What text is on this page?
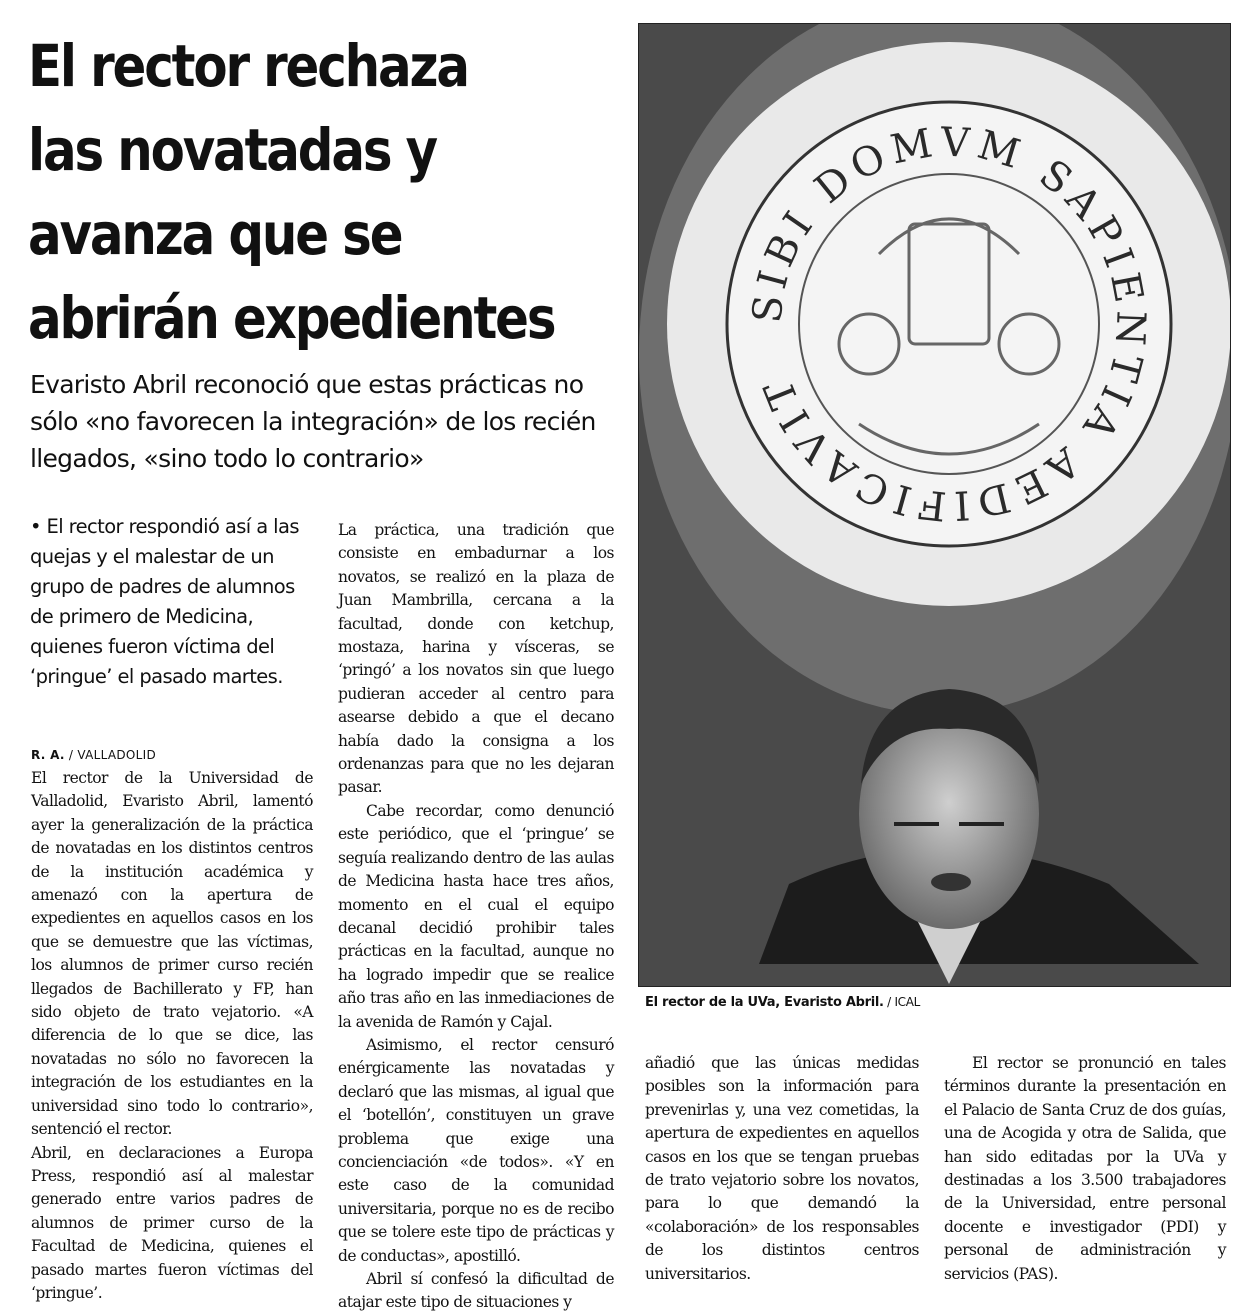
El rector rechaza
las novatadas y
avanza que se
abrirán expedientes

Evaristo Abril reconoció que estas prácticas no sólo «no favorecen la integración» de los recién llegados, «sino todo lo contrario»

• El rector respondió así a las quejas y el malestar de un grupo de padres de alumnos de primero de Medicina, quienes fueron víctima del ‘pringue’ el pasado martes.

R. A. / VALLADOLID

El rector de la Universidad de Valladolid, Evaristo Abril, lamentó ayer la generalización de la práctica de novatadas en los distintos centros de la institución académica y amenazó con la apertura de expedientes en aquellos casos en los que se demuestre que las víctimas, los alumnos de primer curso recién llegados de Bachillerato y FP, han sido objeto de trato vejatorio. «A diferencia de lo que se dice, las novatadas no sólo no favorecen la integración de los estudiantes en la universidad sino todo lo contrario», sentenció el rector.

Abril, en declaraciones a Europa Press, respondió así al malestar generado entre varios padres de alumnos de primer curso de la Facultad de Medicina, quienes el pasado martes fueron víctimas del ‘pringue’.

La práctica, una tradición que consiste en embadurnar a los novatos, se realizó en la plaza de Juan Mambrilla, cercana a la facultad, donde con ketchup, mostaza, harina y vísceras, se ‘pringó’ a los novatos sin que luego pudieran acceder al centro para asearse debido a que el decano había dado la consigna a los ordenanzas para que no les dejaran pasar.

Cabe recordar, como denunció este periódico, que el ‘pringue’ se seguía realizando dentro de las aulas de Medicina hasta hace tres años, momento en el cual el equipo decanal decidió prohibir tales prácticas en la facultad, aunque no ha logrado impedir que se realice año tras año en las inmediaciones de la avenida de Ramón y Cajal.

Asimismo, el rector censuró enérgicamente las novatadas y declaró que las mismas, al igual que el ‘botellón’, constituyen un grave problema que exige una concienciación «de todos». «Y en este caso de la comunidad universitaria, porque no es de recibo que se tolere este tipo de prácticas y de conductas», apostilló.

Abril sí confesó la dificultad de atajar este tipo de situaciones y

SIBI DOMVM SAPIENTIA AEDIFICAVIT
El rector de la UVa, Evaristo Abril. / ICAL

añadió que las únicas medidas posibles son la información para prevenirlas y, una vez cometidas, la apertura de expedientes en aquellos casos en los que se tengan pruebas de trato vejatorio sobre los novatos, para lo que demandó la «colaboración» de los responsables de los distintos centros universitarios.

El rector se pronunció en tales términos durante la presentación en el Palacio de Santa Cruz de dos guías, una de Acogida y otra de Salida, que han sido editadas por la UVa y destinadas a los 3.500 trabajadores de la Universidad, entre personal docente e investigador (PDI) y personal de administración y servicios (PAS).
